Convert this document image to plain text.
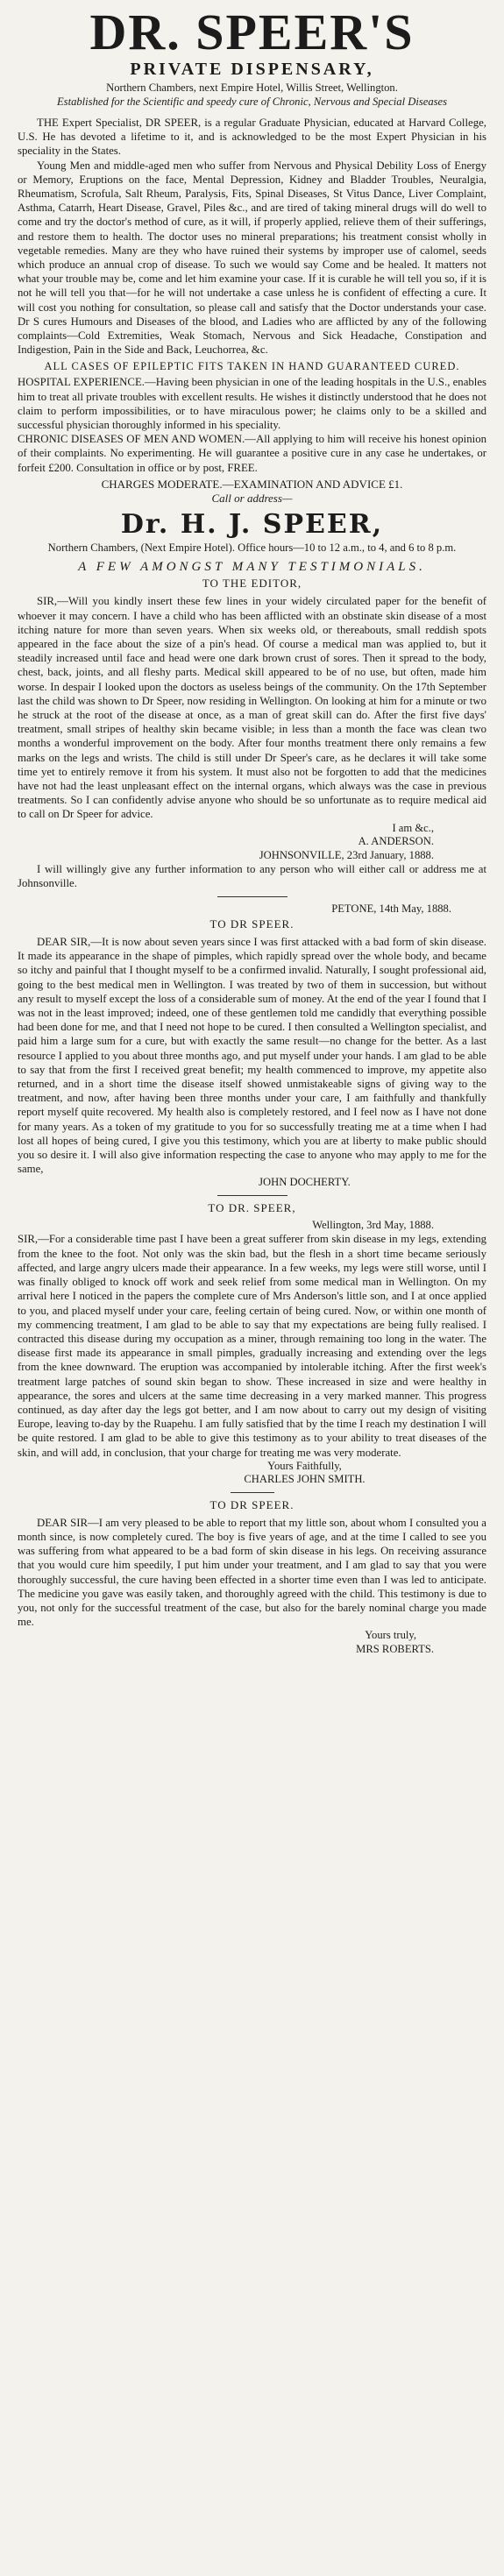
DR. SPEER'S
PRIVATE DISPENSARY,
Northern Chambers, next Empire Hotel, Willis Street, Wellington.
Established for the Scientific and speedy cure of Chronic, Nervous and Special Diseases

THE Expert Specialist, DR SPEER, is a regular Graduate Physician, educated at Harvard College, U.S. He has devoted a lifetime to it, and is acknowledged to be the most Expert Physician in his speciality in the States.

Young Men and middle-aged men who suffer from Nervous and Physical Debility Loss of Energy or Memory, Eruptions on the face, Mental Depression, Kidney and Bladder Troubles, Neuralgia, Rheumatism, Scrofula, Salt Rheum, Paralysis, Fits, Spinal Diseases, St Vitus Dance, Liver Complaint, Asthma, Catarrh, Heart Disease, Gravel, Piles &c., and are tired of taking mineral drugs will do well to come and try the doctor's method of cure, as it will, if properly applied, relieve them of their sufferings, and restore them to health. The doctor uses no mineral preparations; his treatment consist wholly in vegetable remedies. Many are they who have ruined their systems by improper use of calomel, seeds which produce an annual crop of disease. To such we would say Come and be healed. It matters not what your trouble may be, come and let him examine your case. If it is curable he will tell you so, if it is not he will tell you that—for he will not undertake a case unless he is confident of effecting a cure. It will cost you nothing for consultation, so please call and satisfy that the Doctor understands your case. Dr S cures Humours and Diseases of the blood, and Ladies who are afflicted by any of the following complaints—Cold Extremities, Weak Stomach, Nervous and Sick Headache, Constipation and Indigestion, Pain in the Side and Back, Leuchorrea, &c.

ALL CASES OF EPILEPTIC FITS TAKEN IN HAND GUARANTEED CURED.

HOSPITAL EXPERIENCE.—Having been physician in one of the leading hospitals in the U.S., enables him to treat all private troubles with excellent results. He wishes it distinctly understood that he does not claim to perform impossibilities, or to have miraculous power; he claims only to be a skilled and successful physician thoroughly informed in his speciality.

CHRONIC DISEASES OF MEN AND WOMEN.—All applying to him will receive his honest opinion of their complaints. No experimenting. He will guarantee a positive cure in any case he undertakes, or forfeit £200. Consultation in office or by post, FREE.

CHARGES MODERATE.—EXAMINATION AND ADVICE £1.
Call or address—
Dr. H. J. SPEER,
Northern Chambers, (Next Empire Hotel). Office hours—10 to 12 a.m., to 4, and 6 to 8 p.m.
A FEW AMONGST MANY TESTIMONIALS.
TO THE EDITOR,

SIR,—Will you kindly insert these few lines in your widely circulated paper for the benefit of whoever it may concern. I have a child who has been afflicted with an obstinate skin disease of a most itching nature for more than seven years. When six weeks old, or thereabouts, small reddish spots appeared in the face about the size of a pin's head. Of course a medical man was applied to, but it steadily increased until face and head were one dark brown crust of sores. Then it spread to the body, chest, back, joints, and all fleshy parts. Medical skill appeared to be of no use, but often, made him worse. In despair I looked upon the doctors as useless beings of the community. On the 17th September last the child was shown to Dr Speer, now residing in Wellington. On looking at him for a minute or two he struck at the root of the disease at once, as a man of great skill can do. After the first five days' treatment, small stripes of healthy skin became visible; in less than a month the face was clean two months a wonderful improvement on the body. After four months treatment there only remains a few marks on the legs and wrists. The child is still under Dr Speer's care, as he declares it will take some time yet to entirely remove it from his system. It must also not be forgotten to add that the medicines have not had the least unpleasant effect on the internal organs, which always was the case in previous treatments. So I can confidently advise anyone who should be so unfortunate as to require medical aid to call on Dr Speer for advice.

I am &c.,
A. ANDERSON.
JOHNSONVILLE, 23rd January, 1888.

I will willingly give any further information to any person who will either call or address me at Johnsonville.

PETONE, 14th May, 1888.
TO DR SPEER.

DEAR SIR,—It is now about seven years since I was first attacked with a bad form of skin disease. It made its appearance in the shape of pimples, which rapidly spread over the whole body, and became so itchy and painful that I thought myself to be a confirmed invalid. Naturally, I sought professional aid, going to the best medical men in Wellington. I was treated by two of them in succession, but without any result to myself except the loss of a considerable sum of money. At the end of the year I found that I was not in the least improved; indeed, one of these gentlemen told me candidly that everything possible had been done for me, and that I need not hope to be cured. I then consulted a Wellington specialist, and paid him a large sum for a cure, but with exactly the same result—no change for the better. As a last resource I applied to you about three months ago, and put myself under your hands. I am glad to be able to say that from the first I received great benefit; my health commenced to improve, my appetite also returned, and in a short time the disease itself showed unmistakeable signs of giving way to the treatment, and now, after having been three months under your care, I am faithfully and thankfully report myself quite recovered. My health also is completely restored, and I feel now as I have not done for many years. As a token of my gratitude to you for so successfully treating me at a time when I had lost all hopes of being cured, I give you this testimony, which you are at liberty to make public should you so desire it. I will also give information respecting the case to anyone who may apply to me for the same,

JOHN DOCHERTY.
TO DR. SPEER,
Wellington, 3rd May, 1888.

SIR,—For a considerable time past I have been a great sufferer from skin disease in my legs, extending from the knee to the foot. Not only was the skin bad, but the flesh in a short time became seriously affected, and large angry ulcers made their appearance. In a few weeks, my legs were still worse, until I was finally obliged to knock off work and seek relief from some medical man in Wellington. On my arrival here I noticed in the papers the complete cure of Mrs Anderson's little son, and I at once applied to you, and placed myself under your care, feeling certain of being cured. Now, or within one month of my commencing treatment, I am glad to be able to say that my expectations are being fully realised. I contracted this disease during my occupation as a miner, through remaining too long in the water. The disease first made its appearance in small pimples, gradually increasing and extending over the legs from the knee downward. The eruption was accompanied by intolerable itching. After the first week's treatment large patches of sound skin began to show. These increased in size and were healthy in appearance, the sores and ulcers at the same time decreasing in a very marked manner. This progress continued, as day after day the legs got better, and I am now about to carry out my design of visiting Europe, leaving to-day by the Ruapehu. I am fully satisfied that by the time I reach my destination I will be quite restored. I am glad to be able to give this testimony as to your ability to treat diseases of the skin, and will add, in conclusion, that your charge for treating me was very moderate.

Yours Faithfully,
CHARLES JOHN SMITH.
TO DR SPEER.

DEAR SIR—I am very pleased to be able to report that my little son, about whom I consulted you a month since, is now completely cured. The boy is five years of age, and at the time I called to see you was suffering from what appeared to be a bad form of skin disease in his legs. On receiving assurance that you would cure him speedily, I put him under your treatment, and I am glad to say that you were thoroughly successful, the cure having been effected in a shorter time even than I was led to anticipate. The medicine you gave was easily taken, and thoroughly agreed with the child. This testimony is due to you, not only for the successful treatment of the case, but also for the barely nominal charge you made me.

Yours truly,
MRS ROBERTS.
